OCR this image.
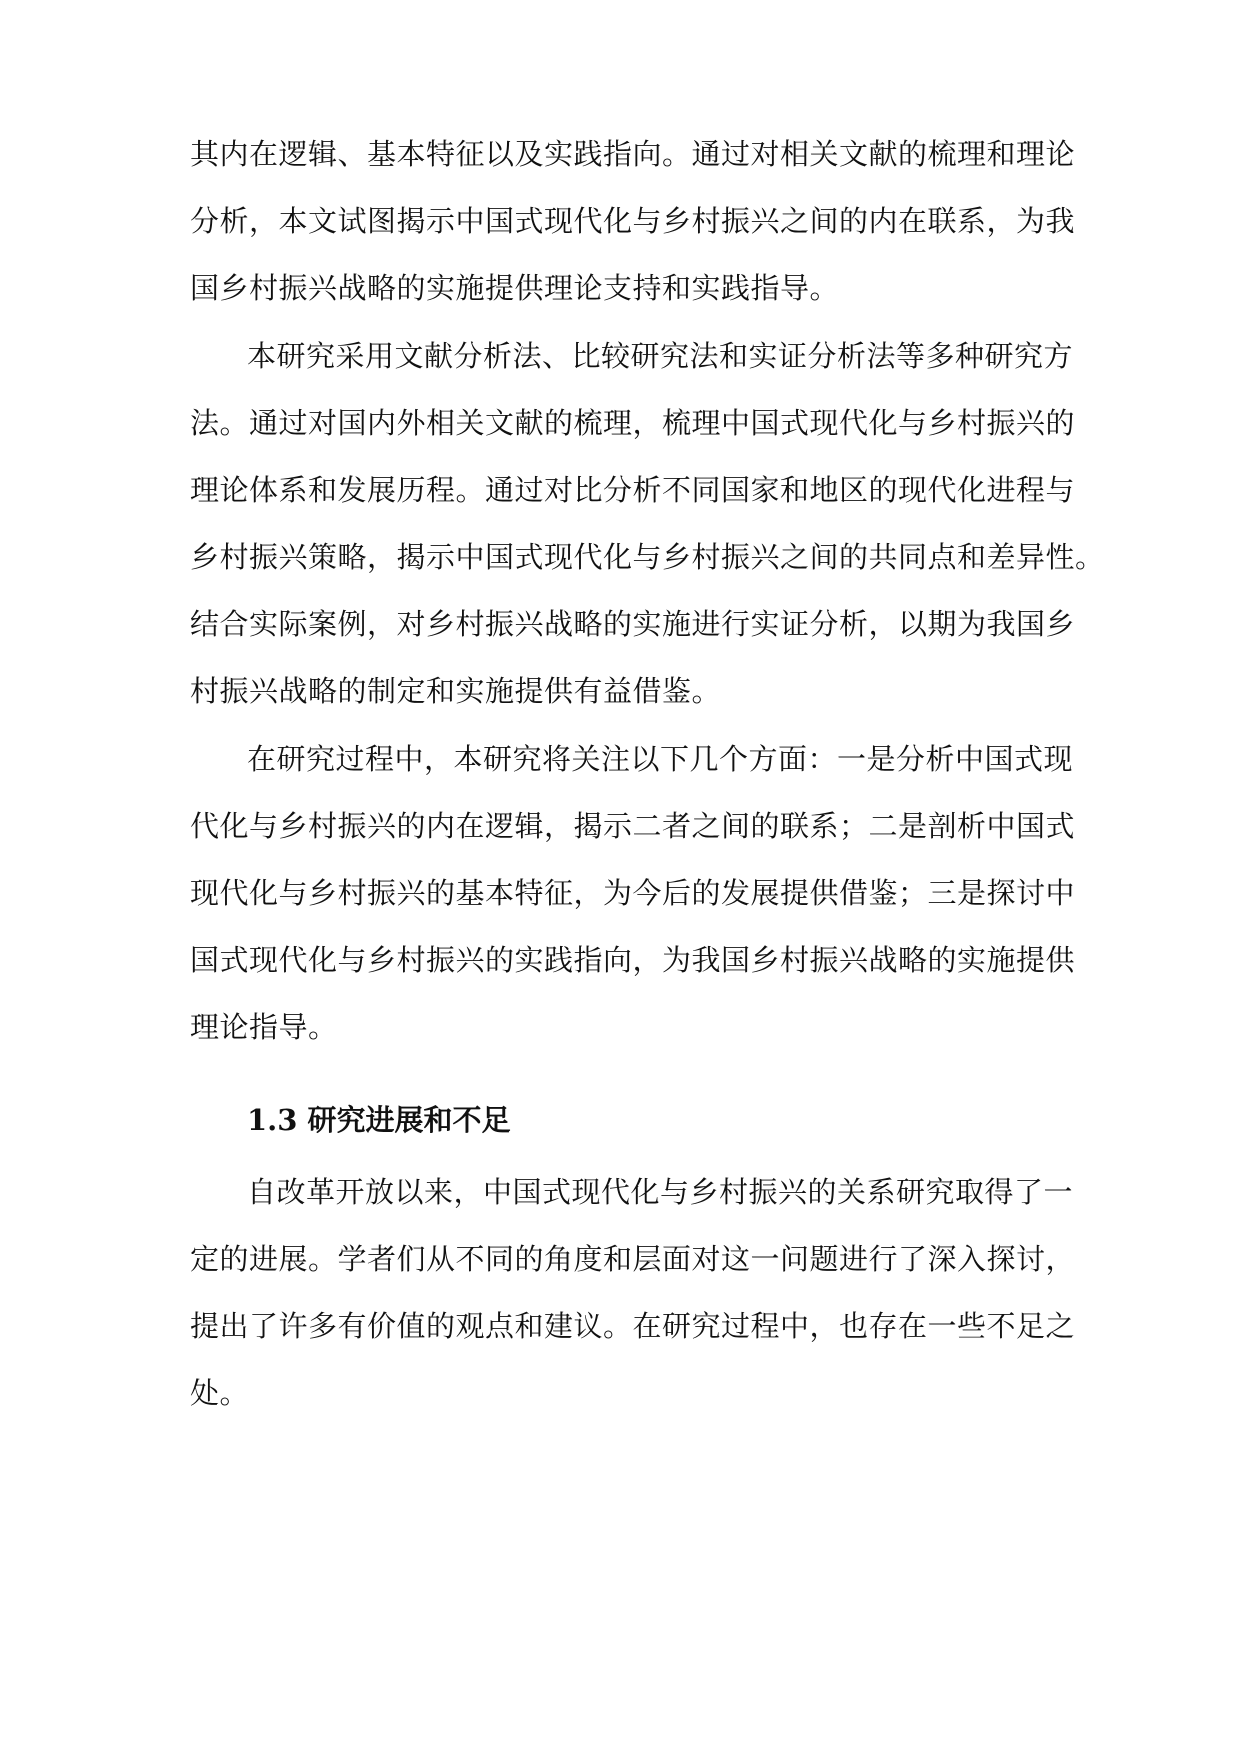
其内在逻辑、基本特征以及实践指向。通过对相关文献的梳理和理论
分析，本文试图揭示中国式现代化与乡村振兴之间的内在联系，为我
国乡村振兴战略的实施提供理论支持和实践指导。
本研究采用文献分析法、比较研究法和实证分析法等多种研究方
法。通过对国内外相关文献的梳理，梳理中国式现代化与乡村振兴的
理论体系和发展历程。通过对比分析不同国家和地区的现代化进程与
乡村振兴策略，揭示中国式现代化与乡村振兴之间的共同点和差异性。
结合实际案例，对乡村振兴战略的实施进行实证分析，以期为我国乡
村振兴战略的制定和实施提供有益借鉴。
在研究过程中，本研究将关注以下几个方面：一是分析中国式现
代化与乡村振兴的内在逻辑，揭示二者之间的联系；二是剖析中国式
现代化与乡村振兴的基本特征，为今后的发展提供借鉴；三是探讨中
国式现代化与乡村振兴的实践指向，为我国乡村振兴战略的实施提供
理论指导。
1.3 研究进展和不足
自改革开放以来，中国式现代化与乡村振兴的关系研究取得了一
定的进展。学者们从不同的角度和层面对这一问题进行了深入探讨，
提出了许多有价值的观点和建议。在研究过程中，也存在一些不足之
处。
